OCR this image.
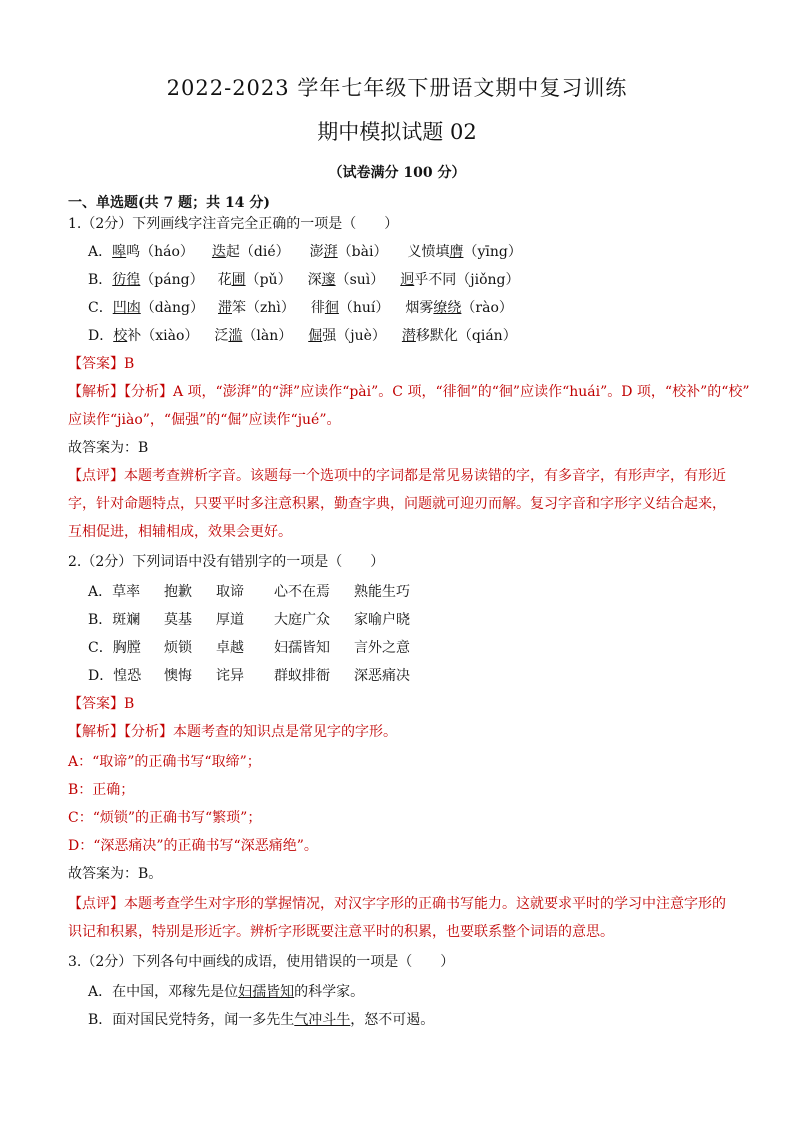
2022-2023 学年七年级下册语文期中复习训练
期中模拟试题 02
（试卷满分 100 分）
一、单选题(共 7 题；共 14 分)
1.（2分）下列画线字注音完全正确的一项是（　　）
A．嗥鸣（háo） 迭起（dié） 澎湃（bài） 义愤填膺（yīng）
B．彷徨（páng） 花圃（pǔ） 深邃（suì） 迥乎不同（jiǒng）
C．凹凼（dàng） 滞笨（zhì） 徘徊（huí） 烟雾缭绕（rào）
D．校补（xiào） 泛滥（làn） 倔强（juè） 潜移默化（qián）
【答案】B
【解析】【分析】A 项，“澎湃”的“湃”应读作“pài”。C 项，“徘徊”的“徊”应读作“huái”。D 项，“校补”的“校”
应读作“jiào”，“倔强”的“倔”应读作“jué”。
故答案为：B
【点评】本题考查辨析字音。该题每一个选项中的字词都是常见易读错的字，有多音字，有形声字，有形近字，针对命题特点，只要平时多注意积累，勤查字典，问题就可迎刃而解。复习字音和字形字义结合起来，互相促进，相辅相成，效果会更好。
2.（2分）下列词语中没有错别字的一项是（　　）
A．草率 抱歉 取谛 心不在焉 熟能生巧
B．斑斓 莫基 厚道 大庭广众 家喻户晓
C．胸膛 烦锁 卓越 妇孺皆知 言外之意
D．惶恐 懊悔 诧异 群蚁排衙 深恶痛决
【答案】B
【解析】【分析】本题考查的知识点是常见字的字形。
A：“取谛”的正确书写“取缔”；
B：正确；
C：“烦锁”的正确书写“繁琐”；
D：“深恶痛决”的正确书写“深恶痛绝”。
故答案为：B。
【点评】本题考查学生对字形的掌握情况，对汉字字形的正确书写能力。这就要求平时的学习中注意字形的识记和积累，特别是形近字。辨析字形既要注意平时的积累，也要联系整个词语的意思。
3.（2分）下列各句中画线的成语，使用错误的一项是（　　）
A．在中国，邓稼先是位妇孺皆知的科学家。
B．面对国民党特务，闻一多先生气冲斗牛，怒不可遏。
